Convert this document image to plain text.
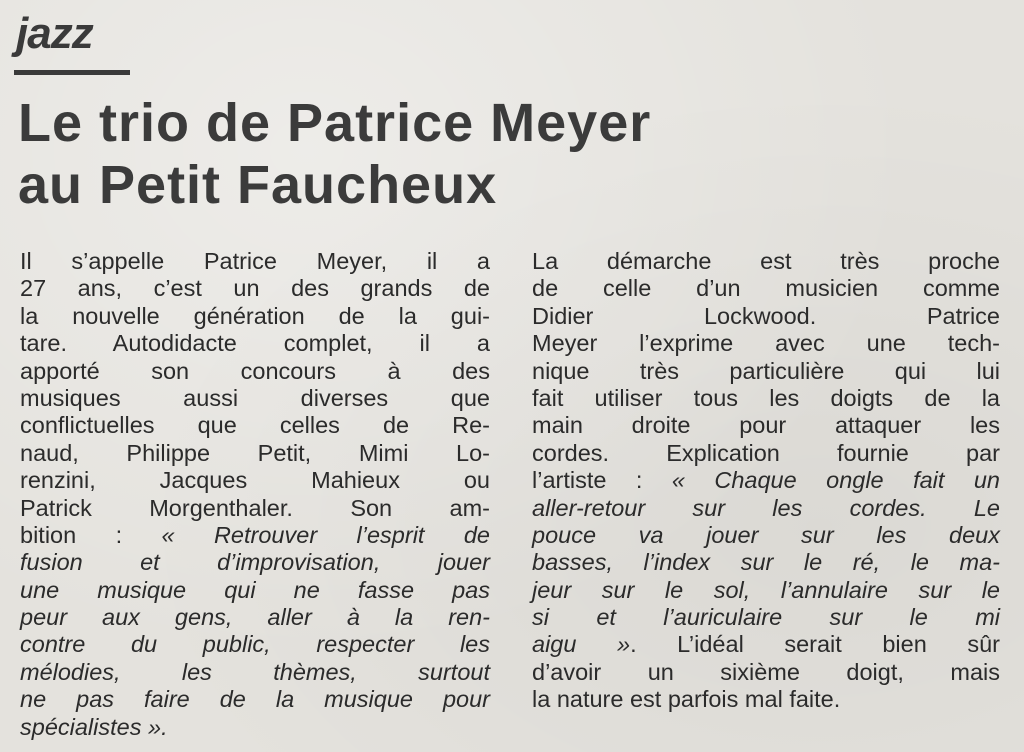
jazz
Le trio de Patrice Meyer
au Petit Faucheux
Il s’appelle Patrice Meyer, il a
27 ans, c’est un des grands de
la nouvelle génération de la gui-
tare. Autodidacte complet, il a
apporté son concours à des
musiques aussi diverses que
conflictuelles que celles de Re-
naud, Philippe Petit, Mimi Lo-
renzini, Jacques Mahieux ou
Patrick Morgenthaler. Son am-
bition : « Retrouver l’esprit de
fusion et d’improvisation, jouer
une musique qui ne fasse pas
peur aux gens, aller à la ren-
contre du public, respecter les
mélodies, les thèmes, surtout
ne pas faire de la musique pour
spécialistes ».
La démarche est très proche
de celle d’un musicien comme
Didier Lockwood. Patrice
Meyer l’exprime avec une tech-
nique très particulière qui lui
fait utiliser tous les doigts de la
main droite pour attaquer les
cordes. Explication fournie par
l’artiste : « Chaque ongle fait un
aller-retour sur les cordes. Le
pouce va jouer sur les deux
basses, l’index sur le ré, le ma-
jeur sur le sol, l’annulaire sur le
si et l’auriculaire sur le mi
aigu ». L’idéal serait bien sûr
d’avoir un sixième doigt, mais
la nature est parfois mal faite.
